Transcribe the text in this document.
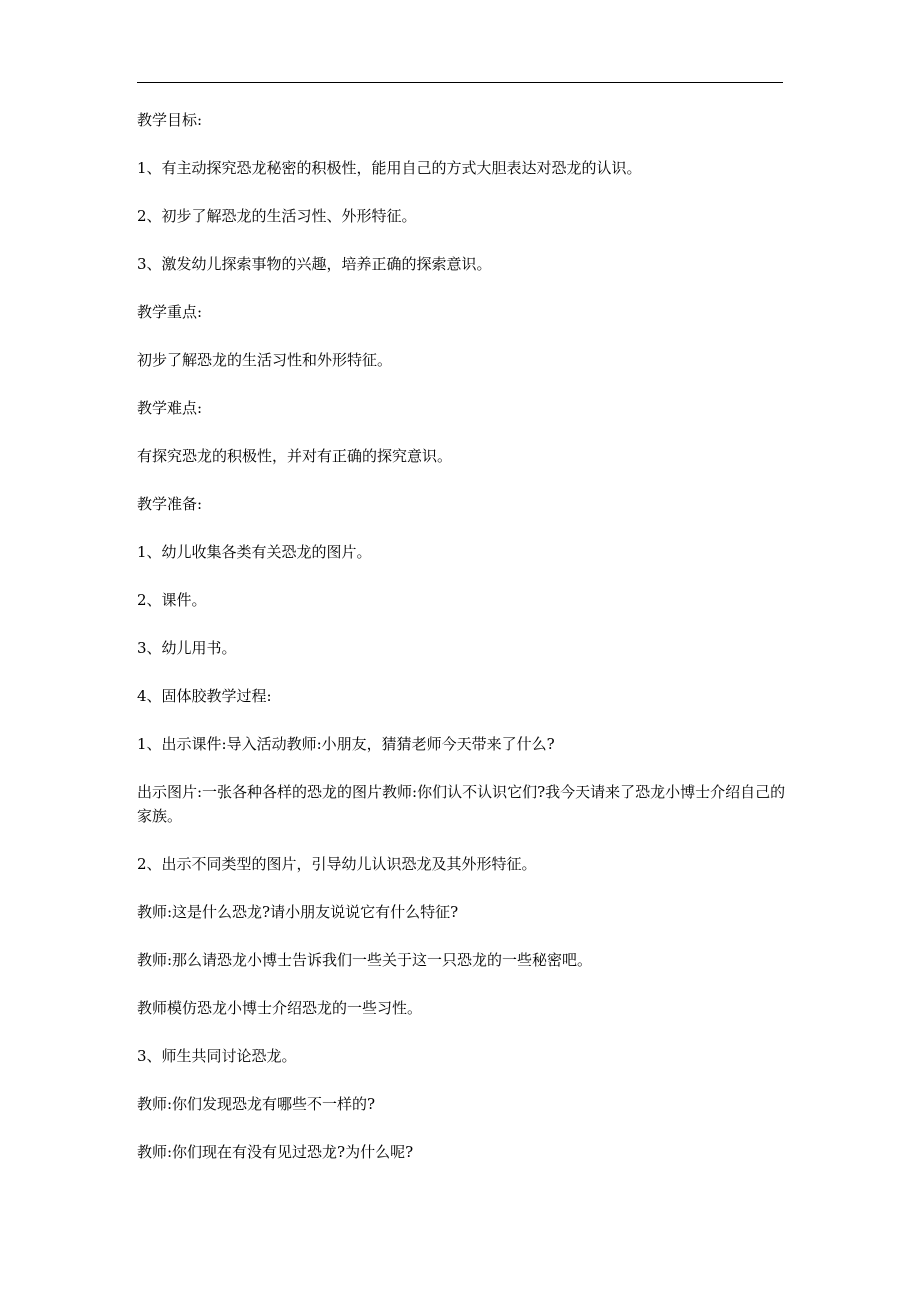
教学目标:

1、有主动探究恐龙秘密的积极性，能用自己的方式大胆表达对恐龙的认识。

2、初步了解恐龙的生活习性、外形特征。

3、激发幼儿探索事物的兴趣，培养正确的探索意识。

教学重点:

初步了解恐龙的生活习性和外形特征。

教学难点:

有探究恐龙的积极性，并对有正确的探究意识。

教学准备:

1、幼儿收集各类有关恐龙的图片。

2、课件。

3、幼儿用书。

4、固体胶教学过程:

1、出示课件:导入活动教师:小朋友，猜猜老师今天带来了什么?

出示图片:一张各种各样的恐龙的图片教师:你们认不认识它们?我今天请来了恐龙小博士介绍自己的家族。

2、出示不同类型的图片，引导幼儿认识恐龙及其外形特征。

教师:这是什么恐龙?请小朋友说说它有什么特征?

教师:那么请恐龙小博士告诉我们一些关于这一只恐龙的一些秘密吧。

教师模仿恐龙小博士介绍恐龙的一些习性。

3、师生共同讨论恐龙。

教师:你们发现恐龙有哪些不一样的?

教师:你们现在有没有见过恐龙?为什么呢?
